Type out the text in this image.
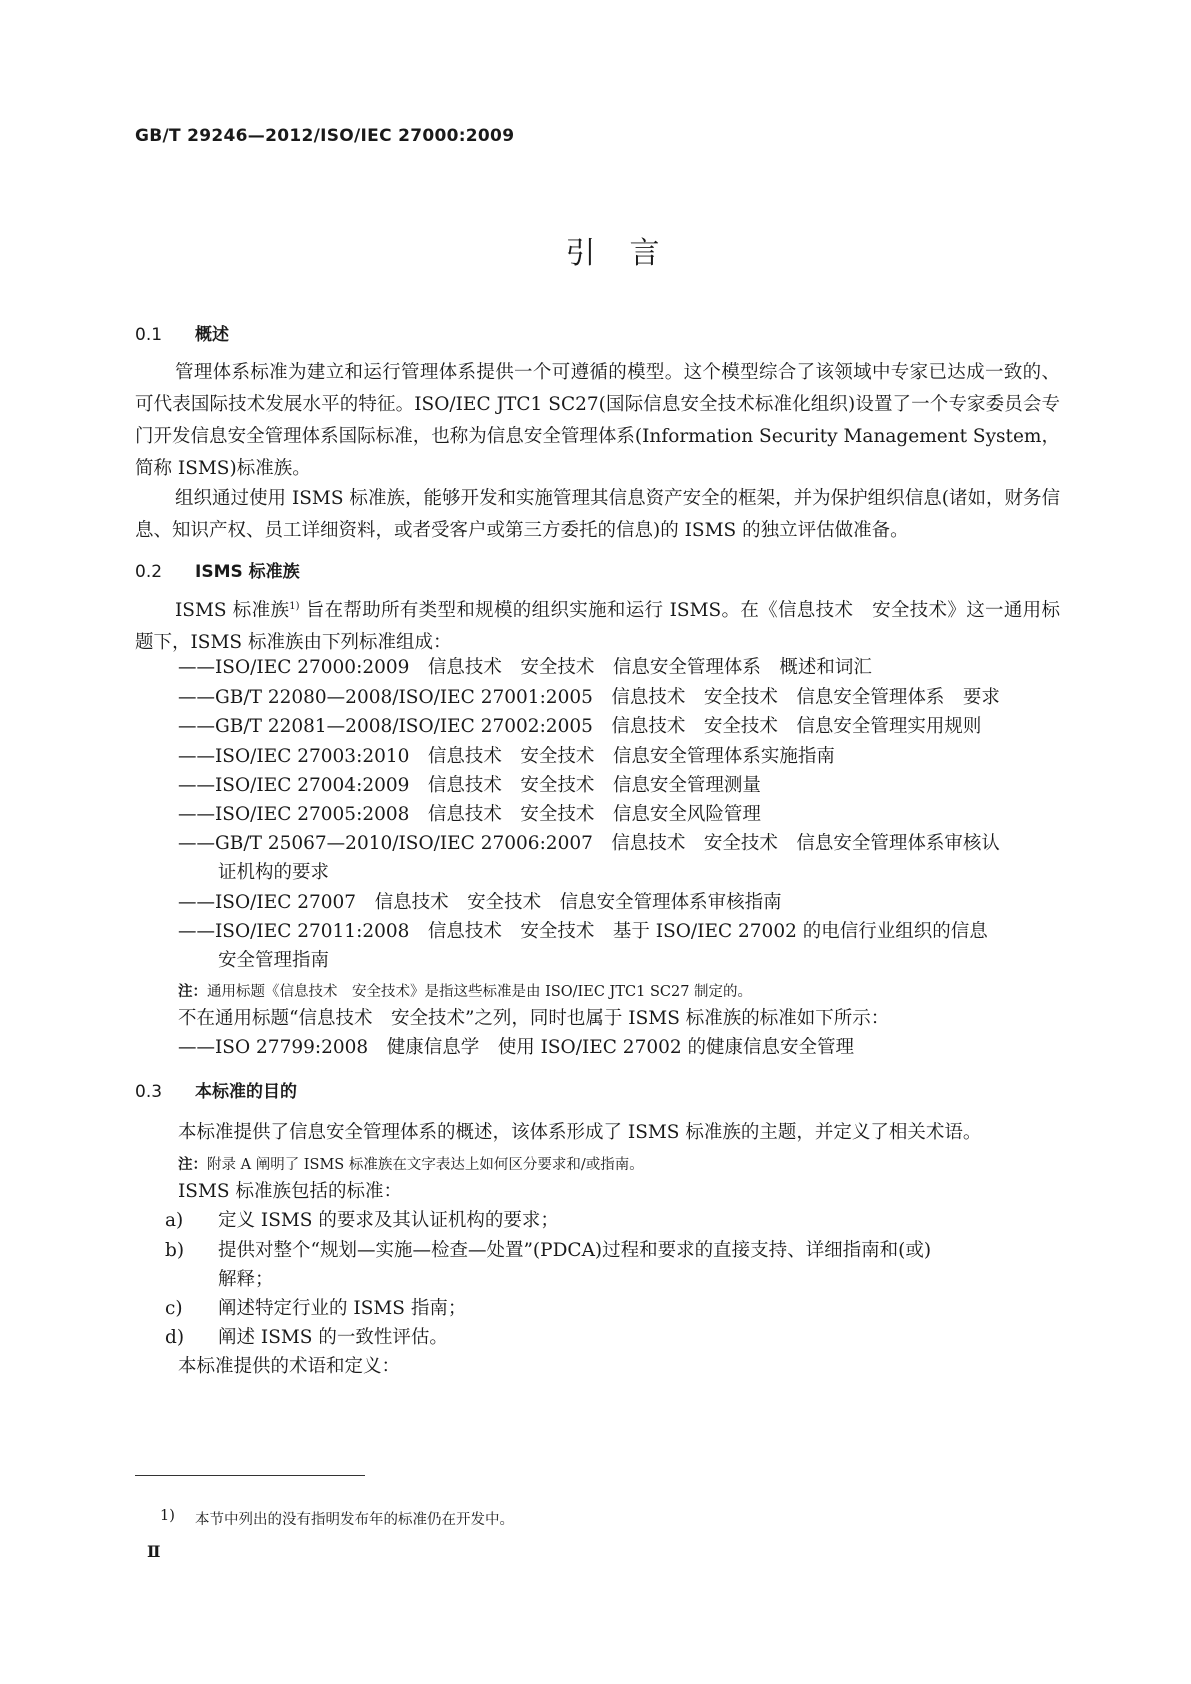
GB/T 29246—2012/ISO/IEC 27000:2009
引言
0.1 概述
管理体系标准为建立和运行管理体系提供一个可遵循的模型。这个模型综合了该领域中专家已达成一致的、可代表国际技术发展水平的特征。ISO/IEC JTC1 SC27(国际信息安全技术标准化组织)设置了一个专家委员会专门开发信息安全管理体系国际标准，也称为信息安全管理体系(Information Security Management System，简称 ISMS)标准族。
组织通过使用 ISMS 标准族，能够开发和实施管理其信息资产安全的框架，并为保护组织信息(诸如，财务信息、知识产权、员工详细资料，或者受客户或第三方委托的信息)的 ISMS 的独立评估做准备。
0.2 ISMS 标准族
ISMS 标准族$^{1)}$ 旨在帮助所有类型和规模的组织实施和运行 ISMS。在《信息技术　安全技术》这一通用标题下，ISMS 标准族由下列标准组成：
——ISO/IEC 27000:2009　信息技术　安全技术　信息安全管理体系　概述和词汇
——GB/T 22080—2008/ISO/IEC 27001:2005　信息技术　安全技术　信息安全管理体系　要求
——GB/T 22081—2008/ISO/IEC 27002:2005　信息技术　安全技术　信息安全管理实用规则
——ISO/IEC 27003:2010　信息技术　安全技术　信息安全管理体系实施指南
——ISO/IEC 27004:2009　信息技术　安全技术　信息安全管理测量
——ISO/IEC 27005:2008　信息技术　安全技术　信息安全风险管理
——GB/T 25067—2010/ISO/IEC 27006:2007　信息技术　安全技术　信息安全管理体系审核认
证机构的要求
——ISO/IEC 27007　信息技术　安全技术　信息安全管理体系审核指南
——ISO/IEC 27011:2008　信息技术　安全技术　基于 ISO/IEC 27002 的电信行业组织的信息
安全管理指南
注：通用标题《信息技术　安全技术》是指这些标准是由 ISO/IEC JTC1 SC27 制定的。
不在通用标题“信息技术　安全技术”之列，同时也属于 ISMS 标准族的标准如下所示：
——ISO 27799:2008　健康信息学　使用 ISO/IEC 27002 的健康信息安全管理
0.3 本标准的目的
本标准提供了信息安全管理体系的概述，该体系形成了 ISMS 标准族的主题，并定义了相关术语。
注：附录 A 阐明了 ISMS 标准族在文字表达上如何区分要求和/或指南。
ISMS 标准族包括的标准：
a) 定义 ISMS 的要求及其认证机构的要求；
b) 提供对整个“规划—实施—检查—处置”(PDCA)过程和要求的直接支持、详细指南和(或)
解释；
c) 阐述特定行业的 ISMS 指南；
d) 阐述 ISMS 的一致性评估。
本标准提供的术语和定义：
1) 本节中列出的没有指明发布年的标准仍在开发中。
Ⅱ
